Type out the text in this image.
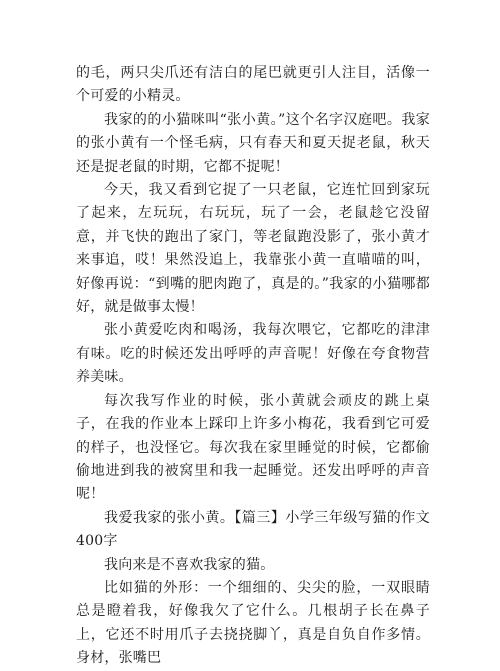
的毛，两只尖爪还有洁白的尾巴就更引人注目，活像一个可爱的小精灵。

我家的的小猫咪叫“张小黄。”这个名字汉庭吧。我家的张小黄有一个怪毛病，只有春天和夏天捉老鼠，秋天还是捉老鼠的时期，它都不捉呢！

今天，我又看到它捉了一只老鼠，它连忙回到家玩了起来，左玩玩，右玩玩，玩了一会，老鼠趁它没留意，并飞快的跑出了家门，等老鼠跑没影了，张小黄才来事追，哎！果然没追上，我靠张小黄一直喵喵的叫，好像再说：“到嘴的肥肉跑了，真是的。”我家的小猫哪都好，就是做事太慢！

张小黄爱吃肉和喝汤，我每次喂它，它都吃的津津有味。吃的时候还发出呼呼的声音呢！好像在夸食物营养美味。

每次我写作业的时候，张小黄就会顽皮的跳上桌子，在我的作业本上踩印上许多小梅花，我看到它可爱的样子，也没怪它。每次我在家里睡觉的时候，它都偷偷地进到我的被窝里和我一起睡觉。还发出呼呼的声音呢！

我爱我家的张小黄。【篇三】小学三年级写猫的作文400字

我向来是不喜欢我家的猫。

比如猫的外形：一个细细的、尖尖的脸，一双眼睛总是瞪着我，好像我欠了它什么。几根胡子长在鼻子上，它还不时用爪子去挠挠脚丫，真是自负自作多情。身材，张嘴巴
